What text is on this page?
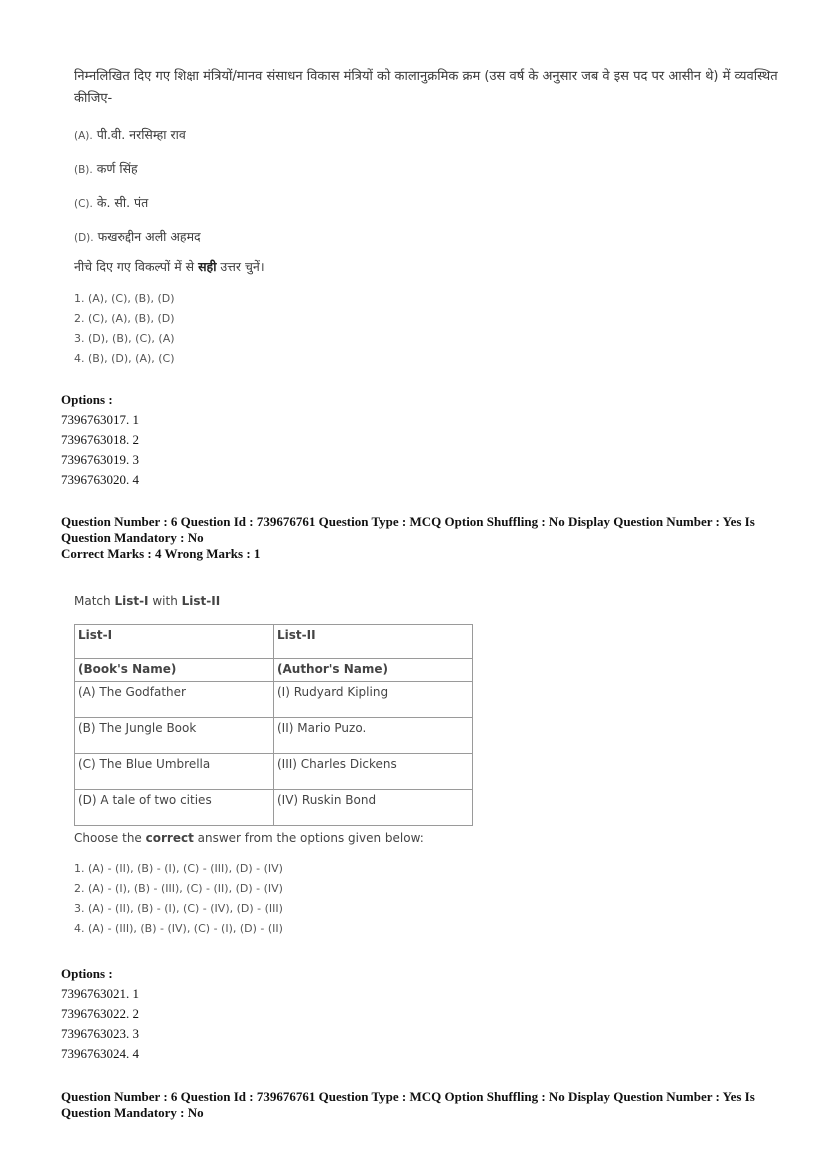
निम्नलिखित दिए गए शिक्षा मंत्रियों/मानव संसाधन विकास मंत्रियों को कालानुक्रमिक क्रम (उस वर्ष के अनुसार जब वे इस पद पर आसीन थे) में व्यवस्थित कीजिए-

(A). पी.वी. नरसिम्हा राव
(B). कर्ण सिंह
(C). के. सी. पंत
(D). फखरुद्दीन अली अहमद
नीचे दिए गए विकल्पों में से सही उत्तर चुनें।
1. (A), (C), (B), (D)
2. (C), (A), (B), (D)
3. (D), (B), (C), (A)
4. (B), (D), (A), (C)
Options :
7396763017. 1
7396763018. 2
7396763019. 3
7396763020. 4
Question Number : 6 Question Id : 739676761 Question Type : MCQ Option Shuffling : No Display Question Number : Yes Is Question Mandatory : No
Correct Marks : 4 Wrong Marks : 1
Match List-I with List-II
List-I	List-II
(Book's Name)	(Author's Name)
(A) The Godfather	(I) Rudyard Kipling
(B) The Jungle Book	(II) Mario Puzo.
(C) The Blue Umbrella	(III) Charles Dickens
(D) A tale of two cities	(IV) Ruskin Bond
Choose the correct answer from the options given below:
1. (A) - (II), (B) - (I), (C) - (III), (D) - (IV)
2. (A) - (I), (B) - (III), (C) - (II), (D) - (IV)
3. (A) - (II), (B) - (I), (C) - (IV), (D) - (III)
4. (A) - (III), (B) - (IV), (C) - (I), (D) - (II)
Options :
7396763021. 1
7396763022. 2
7396763023. 3
7396763024. 4
Question Number : 6 Question Id : 739676761 Question Type : MCQ Option Shuffling : No Display Question Number : Yes Is Question Mandatory : No
